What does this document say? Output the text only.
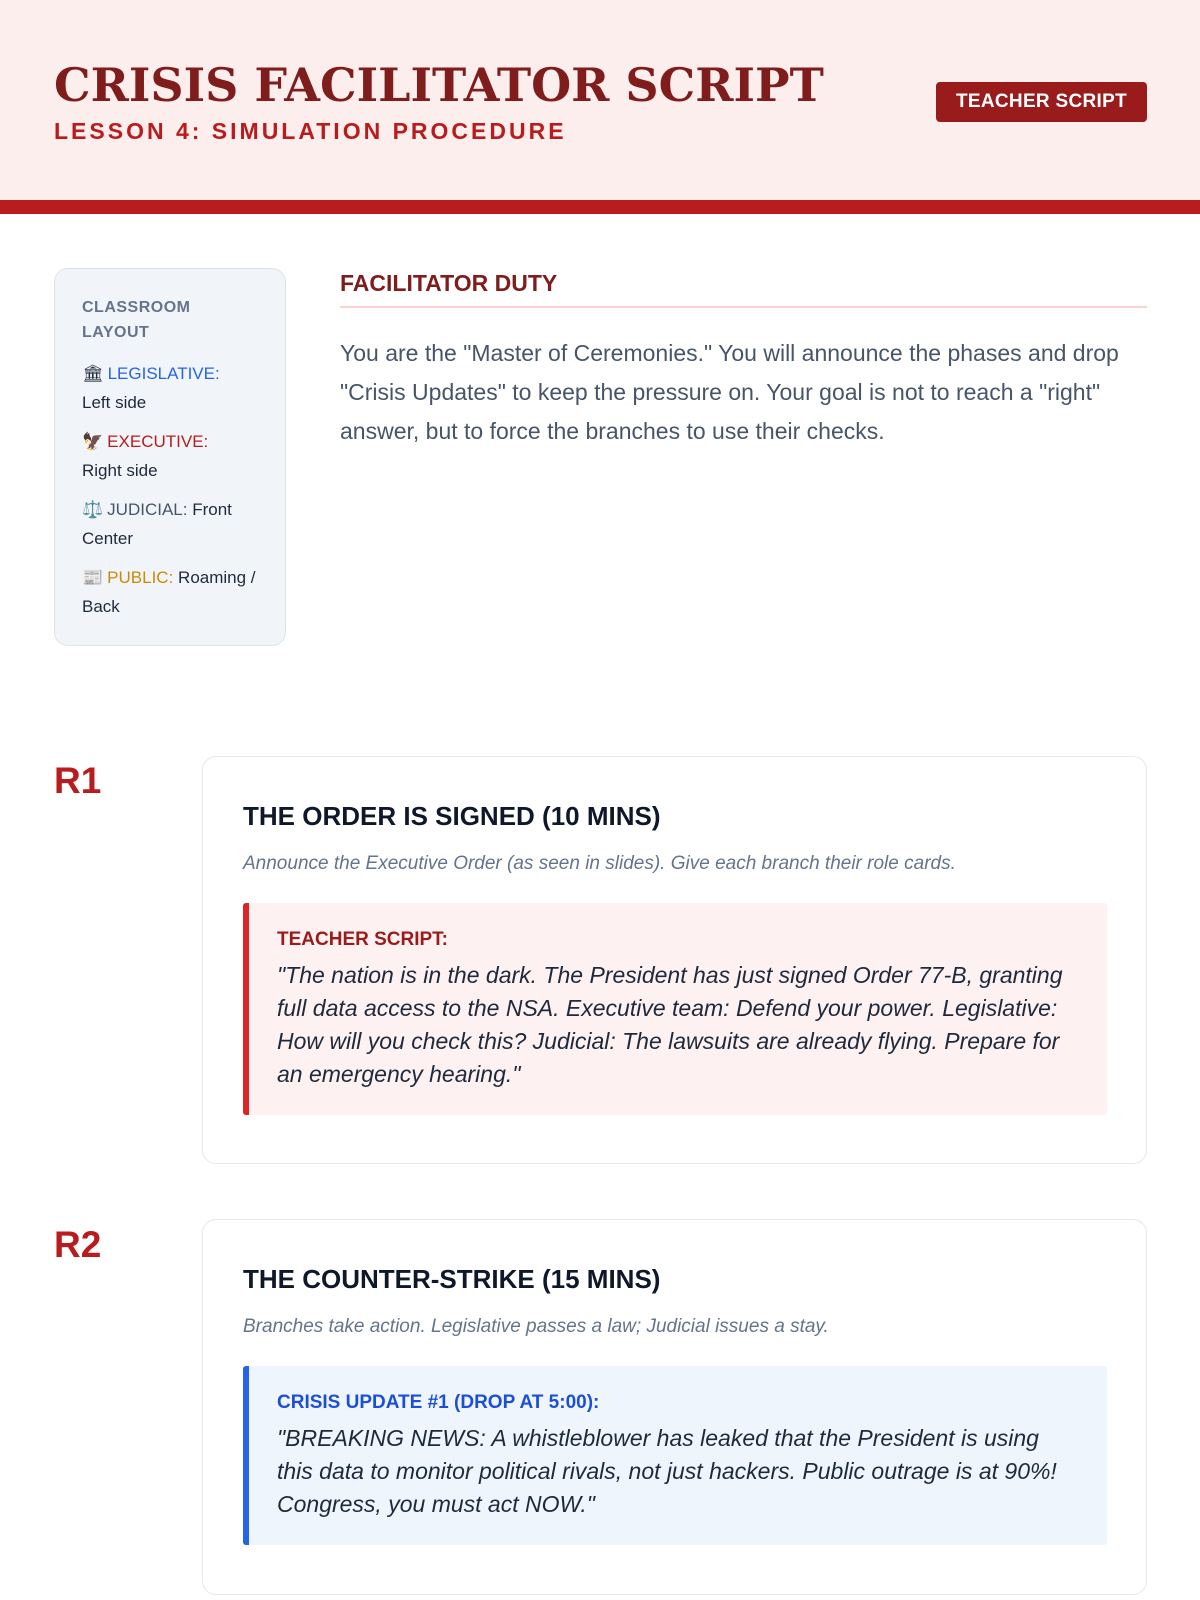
CRISIS FACILITATOR SCRIPT
LESSON 4: SIMULATION PROCEDURE
TEACHER SCRIPT
CLASSROOM LAYOUT
🏛 LEGISLATIVE:
Left side
🦅 EXECUTIVE:
Right side
⚖️ JUDICIAL: Front Center
📰 PUBLIC: Roaming / Back
FACILITATOR DUTY
You are the "Master of Ceremonies." You will announce the phases and drop "Crisis Updates" to keep the pressure on. Your goal is not to reach a "right" answer, but to force the branches to use their checks.
R1
THE ORDER IS SIGNED (10 MINS)
Announce the Executive Order (as seen in slides). Give each branch their role cards.
TEACHER SCRIPT:
"The nation is in the dark. The President has just signed Order 77-B, granting full data access to the NSA. Executive team: Defend your power. Legislative: How will you check this? Judicial: The lawsuits are already flying. Prepare for an emergency hearing."
R2
THE COUNTER-STRIKE (15 MINS)
Branches take action. Legislative passes a law; Judicial issues a stay.
CRISIS UPDATE #1 (DROP AT 5:00):
"BREAKING NEWS: A whistleblower has leaked that the President is using this data to monitor political rivals, not just hackers. Public outrage is at 90%! Congress, you must act NOW."
